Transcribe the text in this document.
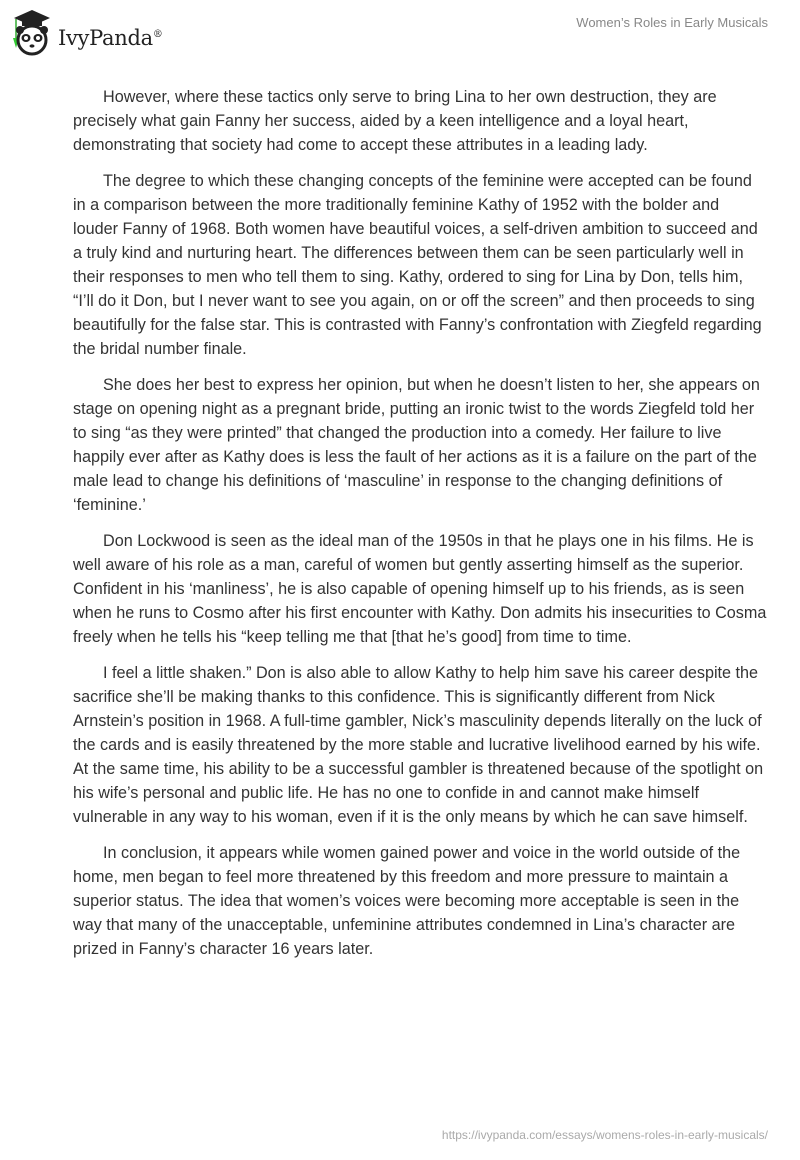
IvyPanda®
Women’s Roles in Early Musicals

However, where these tactics only serve to bring Lina to her own destruction, they are precisely what gain Fanny her success, aided by a keen intelligence and a loyal heart, demonstrating that society had come to accept these attributes in a leading lady.

The degree to which these changing concepts of the feminine were accepted can be found in a comparison between the more traditionally feminine Kathy of 1952 with the bolder and louder Fanny of 1968. Both women have beautiful voices, a self-driven ambition to succeed and a truly kind and nurturing heart. The differences between them can be seen particularly well in their responses to men who tell them to sing. Kathy, ordered to sing for Lina by Don, tells him, “I’ll do it Don, but I never want to see you again, on or off the screen” and then proceeds to sing beautifully for the false star. This is contrasted with Fanny’s confrontation with Ziegfeld regarding the bridal number finale.

She does her best to express her opinion, but when he doesn’t listen to her, she appears on stage on opening night as a pregnant bride, putting an ironic twist to the words Ziegfeld told her to sing “as they were printed” that changed the production into a comedy. Her failure to live happily ever after as Kathy does is less the fault of her actions as it is a failure on the part of the male lead to change his definitions of ‘masculine’ in response to the changing definitions of ‘feminine.’

Don Lockwood is seen as the ideal man of the 1950s in that he plays one in his films. He is well aware of his role as a man, careful of women but gently asserting himself as the superior. Confident in his ‘manliness’, he is also capable of opening himself up to his friends, as is seen when he runs to Cosmo after his first encounter with Kathy. Don admits his insecurities to Cosma freely when he tells his “keep telling me that [that he’s good] from time to time.

I feel a little shaken.” Don is also able to allow Kathy to help him save his career despite the sacrifice she’ll be making thanks to this confidence. This is significantly different from Nick Arnstein’s position in 1968. A full-time gambler, Nick’s masculinity depends literally on the luck of the cards and is easily threatened by the more stable and lucrative livelihood earned by his wife. At the same time, his ability to be a successful gambler is threatened because of the spotlight on his wife’s personal and public life. He has no one to confide in and cannot make himself vulnerable in any way to his woman, even if it is the only means by which he can save himself.

In conclusion, it appears while women gained power and voice in the world outside of the home, men began to feel more threatened by this freedom and more pressure to maintain a superior status. The idea that women’s voices were becoming more acceptable is seen in the way that many of the unacceptable, unfeminine attributes condemned in Lina’s character are prized in Fanny’s character 16 years later.

https://ivypanda.com/essays/womens-roles-in-early-musicals/
